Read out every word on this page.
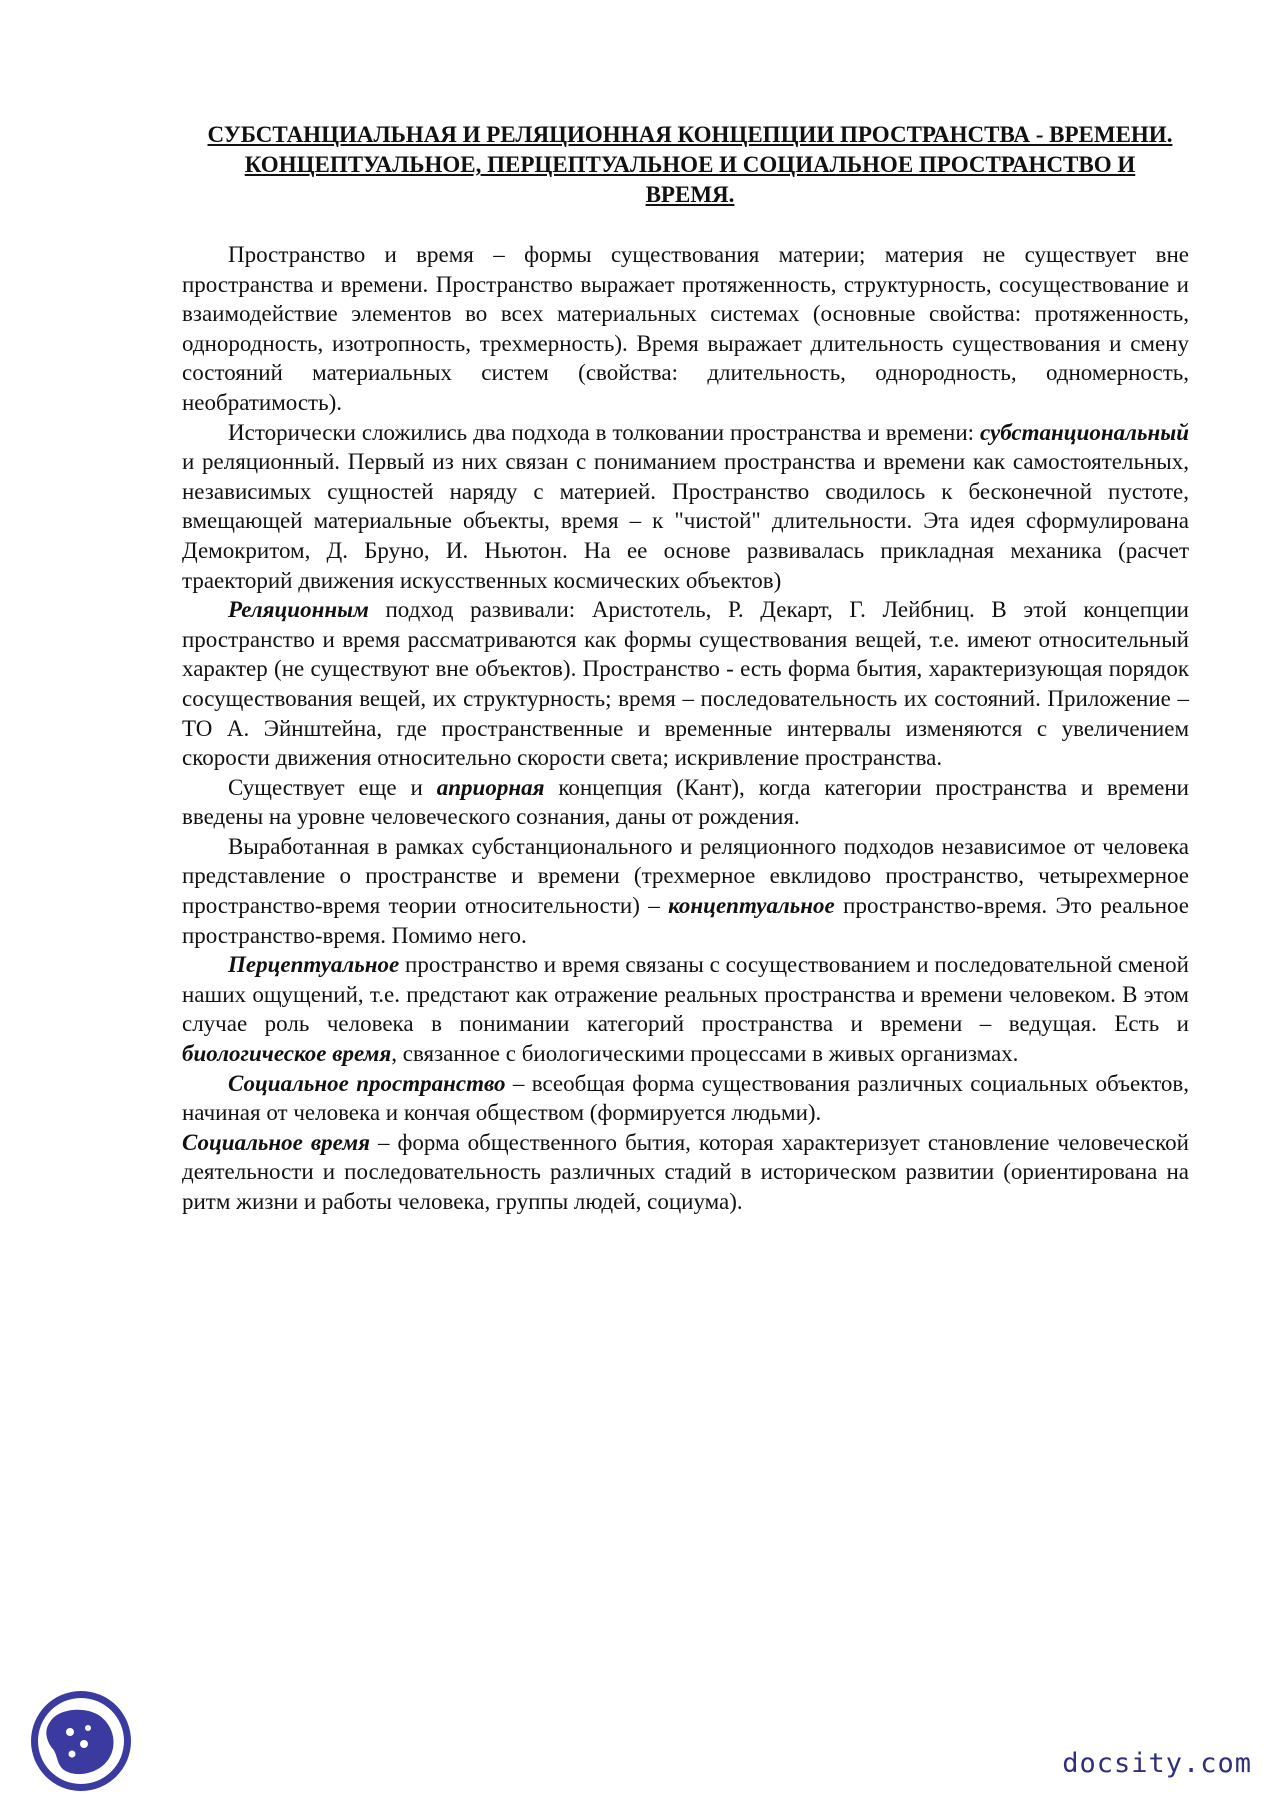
СУБСТАНЦИАЛЬНАЯ И РЕЛЯЦИОННАЯ КОНЦЕПЦИИ ПРОСТРАНСТВА - ВРЕМЕНИ. КОНЦЕПТУАЛЬНОЕ, ПЕРЦЕПТУАЛЬНОЕ И СОЦИАЛЬНОЕ ПРОСТРАНСТВО И ВРЕМЯ.

Пространство и время – формы существования материи; материя не существует вне пространства и времени. Пространство выражает протяженность, структурность, сосуществование и взаимодействие элементов во всех материальных системах (основные свойства: протяженность, однородность, изотропность, трехмерность). Время выражает длительность существования и смену состояний материальных систем (свойства: длительность, однородность, одномерность, необратимость).

Исторически сложились два подхода в толковании пространства и времени: субстанциональный и реляционный. Первый из них связан с пониманием пространства и времени как самостоятельных, независимых сущностей наряду с материей. Пространство сводилось к бесконечной пустоте, вмещающей материальные объекты, время – к "чистой" длительности. Эта идея сформулирована Демокритом, Д. Бруно, И. Ньютон. На ее основе развивалась прикладная механика (расчет траекторий движения искусственных космических объектов)

Реляционным подход развивали: Аристотель, Р. Декарт, Г. Лейбниц. В этой концепции пространство и время рассматриваются как формы существования вещей, т.е. имеют относительный характер (не существуют вне объектов). Пространство - есть форма бытия, характеризующая порядок сосуществования вещей, их структурность; время – последовательность их состояний. Приложение – ТО А. Эйнштейна, где пространственные и временные интервалы изменяются с увеличением скорости движения относительно скорости света; искривление пространства.

Существует еще и априорная концепция (Кант), когда категории пространства и времени введены на уровне человеческого сознания, даны от рождения.

Выработанная в рамках субстанционального и реляционного подходов независимое от человека представление о пространстве и времени (трехмерное евклидово пространство, четырехмерное пространство-время теории относительности) – концептуальное пространство-время. Это реальное пространство-время. Помимо него.

Перцептуальное пространство и время связаны с сосуществованием и последовательной сменой наших ощущений, т.е. предстают как отражение реальных пространства и времени человеком. В этом случае роль человека в понимании категорий пространства и времени – ведущая. Есть и биологическое время, связанное с биологическими процессами в живых организмах.

Социальное пространство – всеобщая форма существования различных социальных объектов, начиная от человека и кончая обществом (формируется людьми).

Социальное время – форма общественного бытия, которая характеризует становление человеческой деятельности и последовательность различных стадий в историческом развитии (ориентирована на ритм жизни и работы человека, группы людей, социума).

docsity.com
